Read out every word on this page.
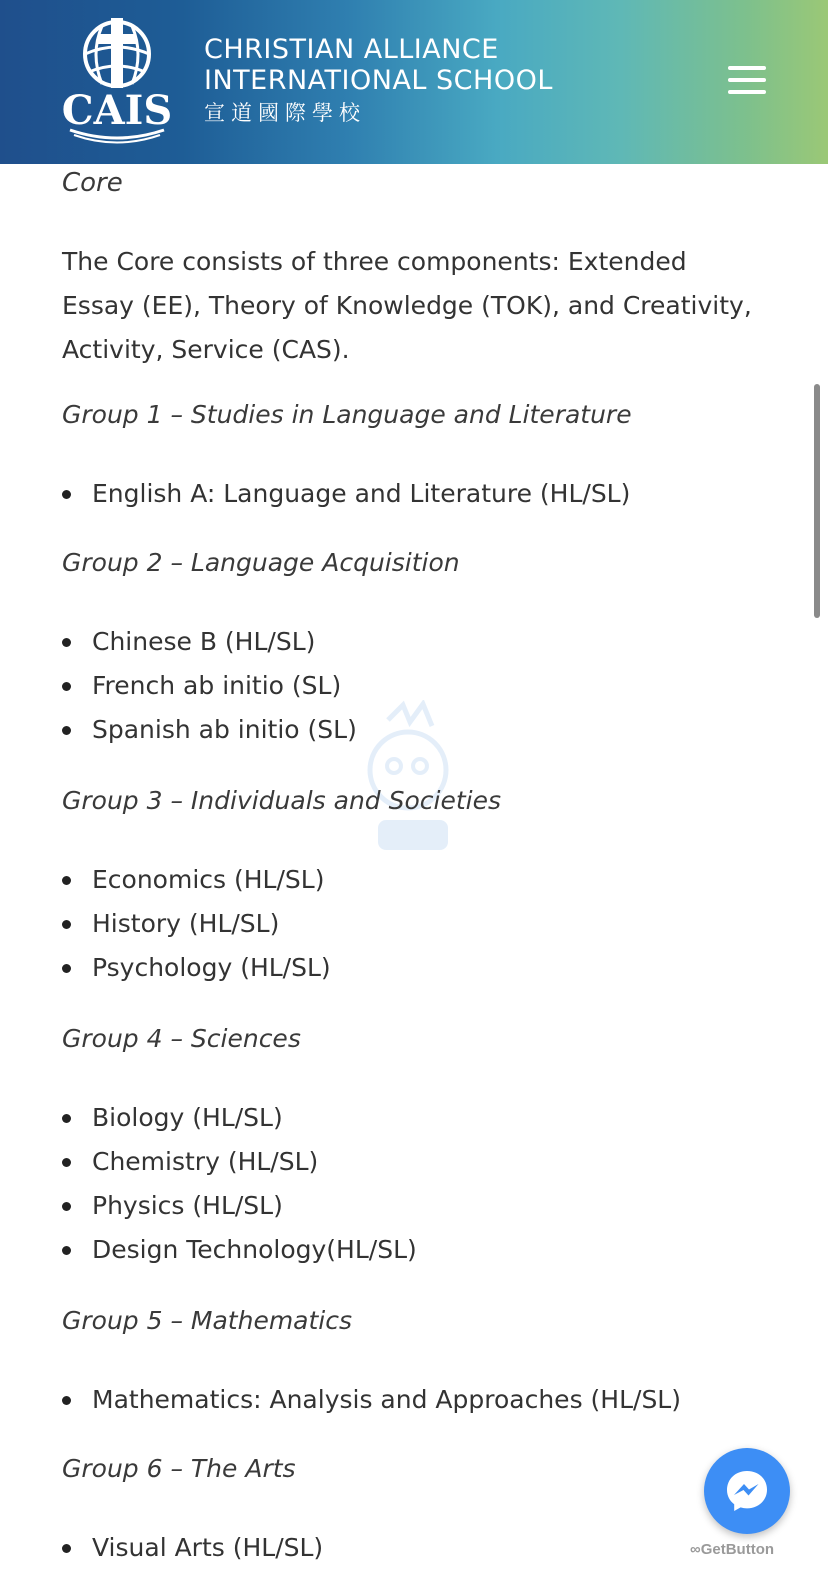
CAIS
CHRISTIAN ALLIANCE
INTERNATIONAL SCHOOL
宣道國際學校

Core

The Core consists of three components: Extended Essay (EE), Theory of Knowledge (TOK), and Creativity, Activity, Service (CAS).

Group 1 – Studies in Language and Literature

English A: Language and Literature (HL/SL)

Group 2 – Language Acquisition

Chinese B (HL/SL)
French ab initio (SL)
Spanish ab initio (SL)

Group 3 – Individuals and Societies

Economics (HL/SL)
History (HL/SL)
Psychology (HL/SL)

Group 4 – Sciences

Biology (HL/SL)
Chemistry (HL/SL)
Physics (HL/SL)
Design Technology(HL/SL)

Group 5 – Mathematics

Mathematics: Analysis and Approaches (HL/SL)

Group 6 – The Arts

Visual Arts (HL/SL)	∞GetButton
